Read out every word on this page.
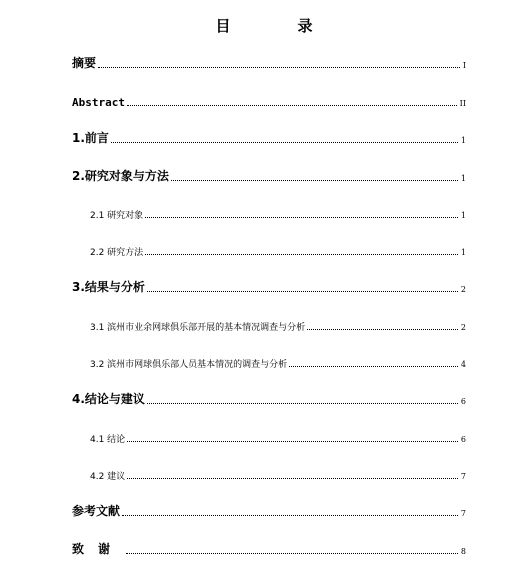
目　录
摘要	I
Abstract	II
1.前言	1
2.研究对象与方法	1
2.1 研究对象	1
2.2 研究方法	1
3.结果与分析	2
3.1 滨州市业余网球俱乐部开展的基本情况调查与分析	2
3.2 滨州市网球俱乐部人员基本情况的调查与分析	4
4.结论与建议	6
4.1 结论	6
4.2 建议	7
参考文献	7
致谢	8
